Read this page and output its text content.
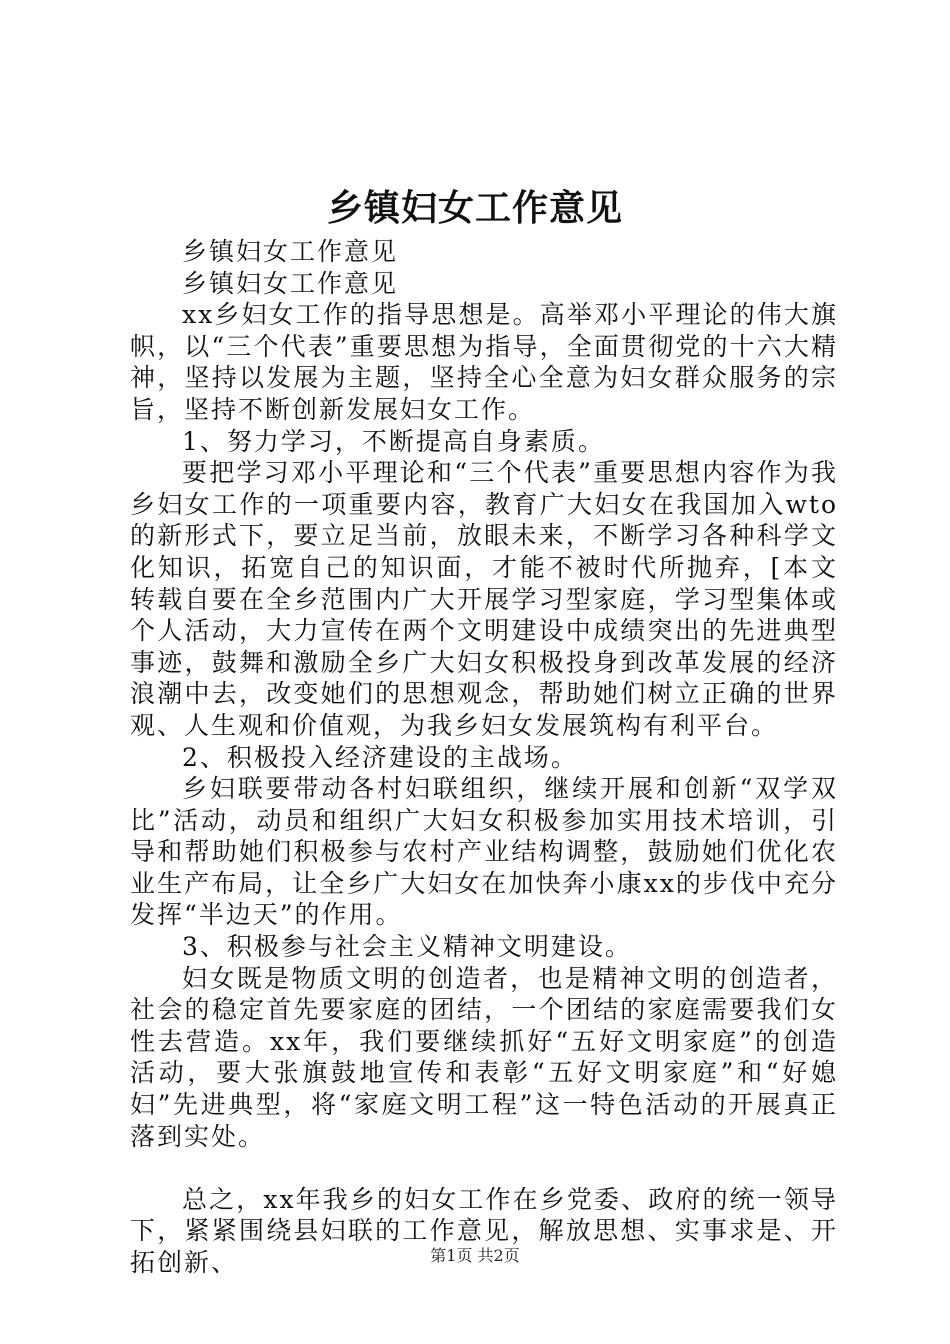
乡镇妇女工作意见

乡镇妇女工作意见

乡镇妇女工作意见

xx乡妇女工作的指导思想是。高举邓小平理论的伟大旗帜，以“三个代表”重要思想为指导，全面贯彻党的十六大精神，坚持以发展为主题，坚持全心全意为妇女群众服务的宗旨，坚持不断创新发展妇女工作。

1、努力学习，不断提高自身素质。

要把学习邓小平理论和“三个代表”重要思想内容作为我乡妇女工作的一项重要内容，教育广大妇女在我国加入wto的新形式下，要立足当前，放眼未来，不断学习各种科学文化知识，拓宽自己的知识面，才能不被时代所抛弃，[本文转载自要在全乡范围内广大开展学习型家庭，学习型集体或个人活动，大力宣传在两个文明建设中成绩突出的先进典型事迹，鼓舞和激励全乡广大妇女积极投身到改革发展的经济浪潮中去，改变她们的思想观念，帮助她们树立正确的世界观、人生观和价值观，为我乡妇女发展筑构有利平台。

2、积极投入经济建设的主战场。

乡妇联要带动各村妇联组织，继续开展和创新“双学双比”活动，动员和组织广大妇女积极参加实用技术培训，引导和帮助她们积极参与农村产业结构调整，鼓励她们优化农业生产布局，让全乡广大妇女在加快奔小康xx的步伐中充分发挥“半边天”的作用。

3、积极参与社会主义精神文明建设。

妇女既是物质文明的创造者，也是精神文明的创造者，社会的稳定首先要家庭的团结，一个团结的家庭需要我们女性去营造。xx年，我们要继续抓好“五好文明家庭”的创造活动，要大张旗鼓地宣传和表彰“五好文明家庭”和“好媳妇”先进典型，将“家庭文明工程”这一特色活动的开展真正落到实处。

总之，xx年我乡的妇女工作在乡党委、政府的统一领导下，紧紧围绕县妇联的工作意见，解放思想、实事求是、开拓创新、	第1页 共2页
